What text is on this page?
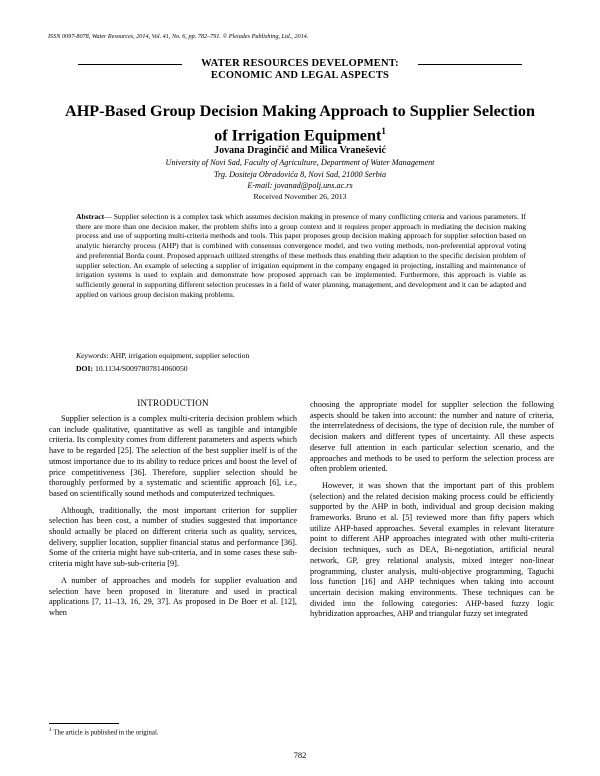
ISSN 0097-8078, Water Resources, 2014, Vol. 41, No. 6, pp. 782–791. © Pleiades Publishing, Ltd., 2014.
WATER RESOURCES DEVELOPMENT:
ECONOMIC AND LEGAL ASPECTS
AHP-Based Group Decision Making Approach to Supplier Selection
of Irrigation Equipment$^1$
Jovana Draginčić and Milica Vranešević
University of Novi Sad, Faculty of Agriculture, Department of Water Management
Trg. Dositeja Obradovića 8, Novi Sad, 21000 Serbia
E-mail: jovanad@polj.uns.ac.rs
Received November 26, 2013
Abstract— Supplier selection is a complex task which assumes decision making in presence of many conflicting criteria and various parameters. If there are more than one decision maker, the problem shifts into a group context and it requires proper approach in mediating the decision making process and use of supporting multi-criteria methods and tools. This paper proposes group decision making approach for supplier selection based on analytic hierarchy process (AHP) that is combined with consensus convergence model, and two voting methods, non-preferential approval voting and preferential Borda count. Proposed approach utilized strengths of these methods thus enabling their adaption to the specific decision problem of supplier selection. An example of selecting a supplier of irrigation equipment in the company engaged in projecting, installing and maintenance of irrigation systems is used to explain and demonstrate how proposed approach can be implemented. Furthermore, this approach is viable as sufficiently general in supporting different selection processes in a field of water planning, management, and development and it can be adapted and applied on various group decision making problems.
Keywords: AHP, irrigation equipment, supplier selection
DOI: 10.1134/S0097807814060050
INTRODUCTION

Supplier selection is a complex multi-criteria decision problem which can include qualitative, quantitative as well as tangible and intangible criteria. Its complexity comes from different parameters and aspects which have to be regarded [25]. The selection of the best supplier itself is of the utmost importance due to its ability to reduce prices and boost the level of price competitiveness [36]. Therefore, supplier selection should be thoroughly performed by a systematic and scientific approach [6], i.e., based on scientifically sound methods and computerized techniques.

Although, traditionally, the most important criterion for supplier selection has been cost, a number of studies suggested that importance should actually be placed on different criteria such as quality, services, delivery, supplier location, supplier financial status and performance [36]. Some of the criteria might have sub-criteria, and in some cases these sub-criteria might have sub-sub-criteria [9].

A number of approaches and models for supplier evaluation and selection have been proposed in literature and used in practical applications [7, 11–13, 16, 29, 37]. As proposed in De Boer et al. [12], when

choosing the appropriate model for supplier selection the following aspects should be taken into account: the number and nature of criteria, the interrelatedness of decisions, the type of decision rule, the number of decision makers and different types of uncertainty. All these aspects deserve full attention in each particular selection scenario, and the approaches and methods to be used to perform the selection process are often problem oriented.

However, it was shown that the important part of this problem (selection) and the related decision making process could be efficiently supported by the AHP in both, individual and group decision making frameworks. Bruno et al. [5] reviewed more than fifty papers which utilize AHP-based approaches. Several examples in relevant literature point to different AHP approaches integrated with other multi-criteria decision techniques, such as DEA, Bi-negotiation, artificial neural network, GP, grey relational analysis, mixed integer non-linear programming, cluster analysis, multi-objective programming, Taguchi loss function [16] and AHP techniques when taking into account uncertain decision making environments. These techniques can be divided into the following categories: AHP-based fuzzy logic hybridization approaches, AHP and triangular fuzzy set integrated

$^1$ The article is published in the original.
782
